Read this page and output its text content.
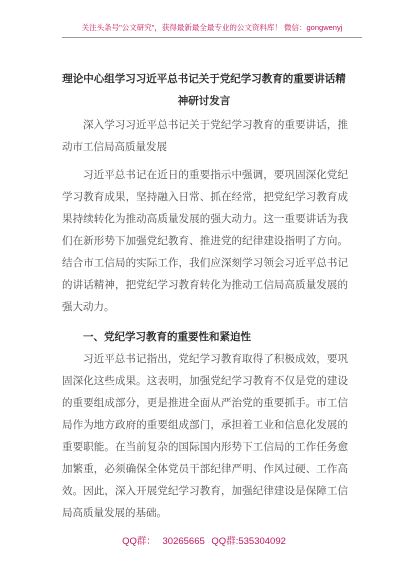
关注头条号"公文研究"，获得最新最全最专业的公文资料库！ 微信：gongwenyj
理论中心组学习习近平总书记关于党纪学习教育的重要讲话精神研讨发言

深入学习习近平总书记关于党纪学习教育的重要讲话，推动市工信局高质量发展

习近平总书记在近日的重要指示中强调，要巩固深化党纪学习教育成果，坚持融入日常、抓在经常，把党纪学习教育成果持续转化为推动高质量发展的强大动力。这一重要讲话为我们在新形势下加强党纪教育、推进党的纪律建设指明了方向。结合市工信局的实际工作，我们应深刻学习领会习近平总书记的讲话精神，把党纪学习教育转化为推动工信局高质量发展的强大动力。

一、党纪学习教育的重要性和紧迫性

习近平总书记指出，党纪学习教育取得了积极成效，要巩固深化这些成果。这表明，加强党纪学习教育不仅是党的建设的重要组成部分，更是推进全面从严治党的重要抓手。市工信局作为地方政府的重要组成部门，承担着工业和信息化发展的重要职能。在当前复杂的国际国内形势下工信局的工作任务愈加繁重，必须确保全体党员干部纪律严明、作风过硬、工作高效。因此，深入开展党纪学习教育，加强纪律建设是保障工信局高质量发展的基础。

QQ群： 30265665 QQ群:535304092
